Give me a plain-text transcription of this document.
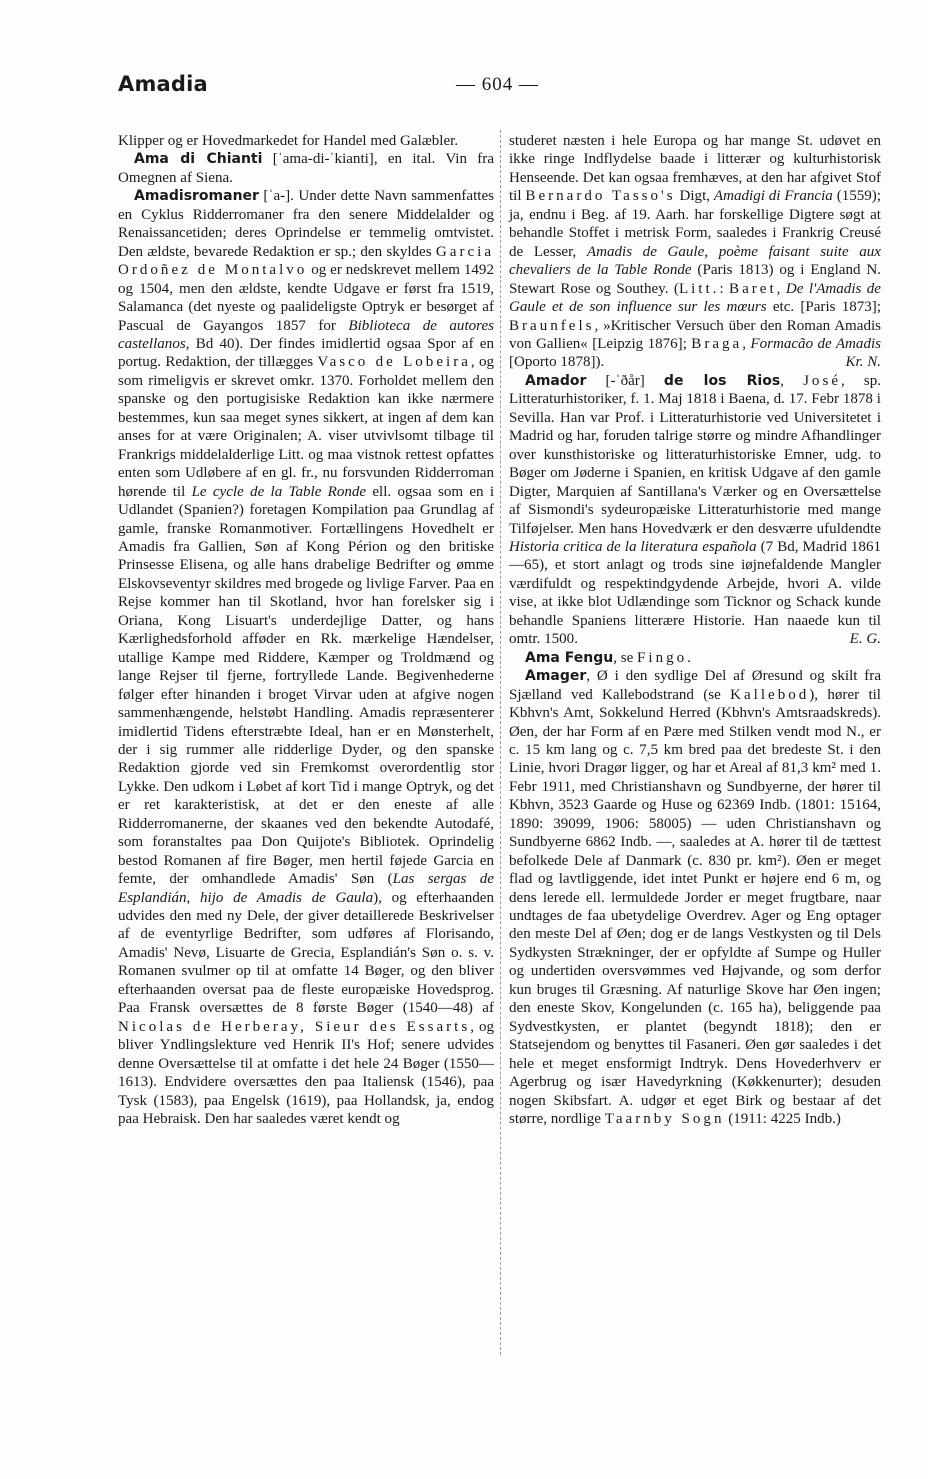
Amadia	— 604 —

Klipper og er Hovedmarkedet for Handel med Galæbler.

Ama di Chianti [ˈama-di-ˈkianti], en ital. Vin fra Omegnen af Siena.

Amadisromaner [ˈa-]. Under dette Navn sammenfattes en Cyklus Ridderromaner fra den senere Middelalder og Renaissancetiden; deres Oprindelse er temmelig omtvistet. Den ældste, bevarede Redaktion er sp.; den skyldes Garcia Ordoñez de Montalvo og er nedskrevet mellem 1492 og 1504, men den ældste, kendte Udgave er først fra 1519, Salamanca (det nyeste og paalideligste Optryk er besørget af Pascual de Gayangos 1857 for Biblioteca de autores castellanos, Bd 40). Der findes imidlertid ogsaa Spor af en portug. Redaktion, der tillægges Vasco de Lobeira, og som rimeligvis er skrevet omkr. 1370. Forholdet mellem den spanske og den portugisiske Redaktion kan ikke nærmere bestemmes, kun saa meget synes sikkert, at ingen af dem kan anses for at være Originalen; A. viser utvivlsomt tilbage til Frankrigs middelalderlige Litt. og maa vistnok rettest opfattes enten som Udløbere af en gl. fr., nu forsvunden Ridderroman hørende til Le cycle de la Table Ronde ell. ogsaa som en i Udlandet (Spanien?) foretagen Kompilation paa Grundlag af gamle, franske Romanmotiver. Fortællingens Hovedhelt er Amadis fra Gallien, Søn af Kong Périon og den britiske Prinsesse Elisena, og alle hans drabelige Bedrifter og ømme Elskovseventyr skildres med brogede og livlige Farver. Paa en Rejse kommer han til Skotland, hvor han forelsker sig i Oriana, Kong Lisuart's underdejlige Datter, og hans Kærlighedsforhold afføder en Rk. mærkelige Hændelser, utallige Kampe med Riddere, Kæmper og Troldmænd og lange Rejser til fjerne, fortryllede Lande. Begivenhederne følger efter hinanden i broget Virvar uden at afgive nogen sammenhængende, helstøbt Handling. Amadis repræsenterer imidlertid Tidens efterstræbte Ideal, han er en Mønsterhelt, der i sig rummer alle ridderlige Dyder, og den spanske Redaktion gjorde ved sin Fremkomst overordentlig stor Lykke. Den udkom i Løbet af kort Tid i mange Optryk, og det er ret karakteristisk, at det er den eneste af alle Ridderromanerne, der skaanes ved den bekendte Autodafé, som foranstaltes paa Don Quijote's Bibliotek. Oprindelig bestod Romanen af fire Bøger, men hertil føjede Garcia en femte, der omhandlede Amadis' Søn (Las sergas de Esplandián, hijo de Amadis de Gaula), og efterhaanden udvides den med ny Dele, der giver detaillerede Beskrivelser af de eventyrlige Bedrifter, som udføres af Florisando, Amadis' Nevø, Lisuarte de Grecia, Esplandián's Søn o. s. v. Romanen svulmer op til at omfatte 14 Bøger, og den bliver efterhaanden oversat paa de fleste europæiske Hovedsprog. Paa Fransk oversættes de 8 første Bøger (1540—48) af Nicolas de Herberay, Sieur des Essarts, og bliver Yndlingslekture ved Henrik II's Hof; senere udvides denne Oversættelse til at omfatte i det hele 24 Bøger (1550—1613). Endvidere oversættes den paa Italiensk (1546), paa Tysk (1583), paa Engelsk (1619), paa Hollandsk, ja, endog paa Hebraisk. Den har saaledes været kendt og

studeret næsten i hele Europa og har mange St. udøvet en ikke ringe Indflydelse baade i litterær og kulturhistorisk Henseende. Det kan ogsaa fremhæves, at den har afgivet Stof til Bernardo Tasso's Digt, Amadigi di Francia (1559); ja, endnu i Beg. af 19. Aarh. har forskellige Digtere søgt at behandle Stoffet i metrisk Form, saaledes i Frankrig Creusé de Lesser, Amadis de Gaule, poème faisant suite aux chevaliers de la Table Ronde (Paris 1813) og i England N. Stewart Rose og Southey. (Litt.: Baret, De l'Amadis de Gaule et de son influence sur les mœurs etc. [Paris 1873]; Braunfels, »Kritischer Versuch über den Roman Amadis von Gallien« [Leipzig 1876]; Braga, Formacão de Amadis [Oporto 1878]).	Kr. N.

Amador [-ˈðår] de los Rios, José, sp. Litteraturhistoriker, f. 1. Maj 1818 i Baena, d. 17. Febr 1878 i Sevilla. Han var Prof. i Litteraturhistorie ved Universitetet i Madrid og har, foruden talrige større og mindre Afhandlinger over kunsthistoriske og litteraturhistoriske Emner, udg. to Bøger om Jøderne i Spanien, en kritisk Udgave af den gamle Digter, Marquien af Santillana's Værker og en Oversættelse af Sismondi's sydeuropæiske Litteraturhistorie med mange Tilføjelser. Men hans Hovedværk er den desværre ufuldendte Historia critica de la literatura española (7 Bd, Madrid 1861—65), et stort anlagt og trods sine iøjnefaldende Mangler værdifuldt og respektindgydende Arbejde, hvori A. vilde vise, at ikke blot Udlændinge som Ticknor og Schack kunde behandle Spaniens litterære Historie. Han naaede kun til omtr. 1500.	E. G.

Ama Fengu, se Fingo.

Amager, Ø i den sydlige Del af Øresund og skilt fra Sjælland ved Kallebodstrand (se Kallebod), hører til Kbhvn's Amt, Sokkelund Herred (Kbhvn's Amtsraadskreds). Øen, der har Form af en Pære med Stilken vendt mod N., er c. 15 km lang og c. 7,5 km bred paa det bredeste St. i den Linie, hvori Dragør ligger, og har et Areal af 81,3 km² med 1. Febr 1911, med Christianshavn og Sundbyerne, der hører til Kbhvn, 3523 Gaarde og Huse og 62369 Indb. (1801: 15164, 1890: 39099, 1906: 58005) — uden Christianshavn og Sundbyerne 6862 Indb. —, saaledes at A. hører til de tættest befolkede Dele af Danmark (c. 830 pr. km²). Øen er meget flad og lavtliggende, idet intet Punkt er højere end 6 m, og dens lerede ell. lermuldede Jorder er meget frugtbare, naar undtages de faa ubetydelige Overdrev. Ager og Eng optager den meste Del af Øen; dog er de langs Vestkysten og til Dels Sydkysten Strækninger, der er opfyldte af Sumpe og Huller og undertiden oversvømmes ved Højvande, og som derfor kun bruges til Græsning. Af naturlige Skove har Øen ingen; den eneste Skov, Kongelunden (c. 165 ha), beliggende paa Sydvestkysten, er plantet (begyndt 1818); den er Statsejendom og benyttes til Fasaneri. Øen gør saaledes i det hele et meget ensformigt Indtryk. Dens Hovederhverv er Agerbrug og især Havedyrkning (Køkkenurter); desuden nogen Skibsfart. A. udgør et eget Birk og bestaar af det større, nordlige Taarnby Sogn (1911: 4225 Indb.)
